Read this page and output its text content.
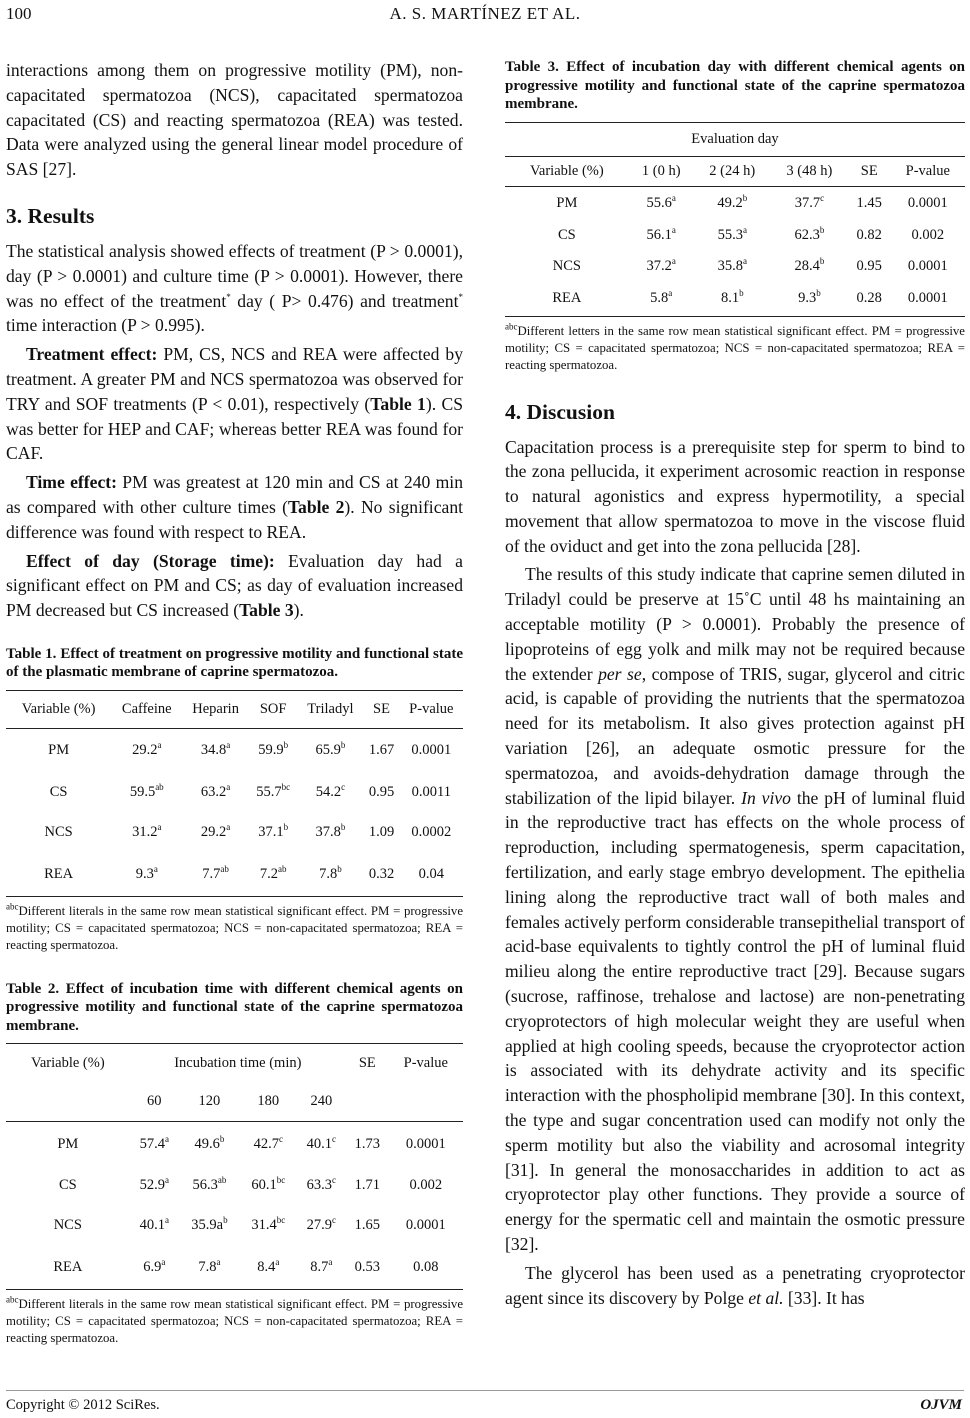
100	A. S. MARTÍNEZ ET AL.

interactions among them on progressive motility (PM), non-capacitated spermatozoa (NCS), capacitated spermatozoa capacitated (CS) and reacting spermatozoa (REA) was tested. Data were analyzed using the general linear model procedure of SAS [27].

3. Results

The statistical analysis showed effects of treatment (P > 0.0001), day (P > 0.0001) and culture time (P > 0.0001). However, there was no effect of the treatment* day ( P> 0.476) and treatment* time interaction (P > 0.995).

Treatment effect: PM, CS, NCS and REA were affected by treatment. A greater PM and NCS spermatozoa was observed for TRY and SOF treatments (P < 0.01), respectively (Table 1). CS was better for HEP and CAF; whereas better REA was found for CAF.

Time effect: PM was greatest at 120 min and CS at 240 min as compared with other culture times (Table 2). No significant difference was found with respect to REA.

Effect of day (Storage time): Evaluation day had a significant effect on PM and CS; as day of evaluation increased PM decreased but CS increased (Table 3).

Table 1. Effect of treatment on progressive motility and functional state of the plasmatic membrane of caprine spermatozoa.
Variable (%)	Caffeine	Heparin	SOF	Triladyl	SE	P-value
PM	29.2$^a$	34.8$^a$	59.9$^b$	65.9$^b$	1.67	0.0001
CS	59.5$^{ab}$	63.2$^a$	55.7$^{bc}$	54.2$^c$	0.95	0.0011
NCS	31.2$^a$	29.2$^a$	37.1$^b$	37.8$^b$	1.09	0.0002
REA	9.3$^a$	7.7$^{ab}$	7.2$^{ab}$	7.8$^b$	0.32	0.04
$^{abc}$Different literals in the same row mean statistical significant effect. PM = progressive motility; CS = capacitated spermatozoa; NCS = non-capacitated spermatozoa; REA = reacting spermatozoa.
Table 2. Effect of incubation time with different chemical agents on progressive motility and functional state of the caprine spermatozoa membrane.
Variable (%)	Incubation time (min)				SE	P-value
	60	120	180	240		
PM	57.4$^a$	49.6$^b$	42.7$^c$	40.1$^c$	1.73	0.0001
CS	52.9$^a$	56.3$^{ab}$	60.1$^{bc}$	63.3$^c$	1.71	0.002
NCS	40.1$^a$	$35.9a^b$	31.4$^{bc}$	27.9$^c$	1.65	0.0001
REA	6.9$^a$	7.8$^a$	8.4$^a$	8.7$^a$	0.53	0.08
$^{abc}$Different literals in the same row mean statistical significant effect. PM = progressive motility; CS = capacitated spermatozoa; NCS = non-capacitated spermatozoa; REA = reacting spermatozoa.
Table 3. Effect of incubation day with different chemical agents on progressive motility and functional state of the caprine spermatozoa membrane.
Evaluation day					
Variable (%)	1 (0 h)	2 (24 h)	3 (48 h)	SE	P-value
PM	55.6$^a$	49.2$^b$	37.7$^c$	1.45	0.0001
CS	56.1$^a$	55.3$^a$	62.3$^b$	0.82	0.002
NCS	37.2$^a$	35.8$^a$	28.4$^b$	0.95	0.0001
REA	5.8$^a$	8.1$^b$	9.3$^b$	0.28	0.0001
$^{abc}$Different letters in the same row mean statistical significant effect. PM = progressive motility; CS = capacitated spermatozoa; NCS = non-capacitated spermatozoa; REA = reacting spermatozoa.
4. Discusion

Capacitation process is a prerequisite step for sperm to bind to the zona pellucida, it experiment acrosomic reaction in response to natural agonistics and express hypermotility, a special movement that allow spermatozoa to move in the viscose fluid of the oviduct and get into the zona pellucida [28].

The results of this study indicate that caprine semen diluted in Triladyl could be preserve at 15˚C until 48 hs maintaining an acceptable motility (P > 0.0001). Probably the presence of lipoproteins of egg yolk and milk may not be required because the extender per se, compose of TRIS, sugar, glycerol and citric acid, is capable of providing the nutrients that the spermatozoa need for its metabolism. It also gives protection against pH variation [26], an adequate osmotic pressure for the spermatozoa, and avoids-dehydration damage through the stabilization of the lipid bilayer. In vivo the pH of luminal fluid in the reproductive tract has effects on the whole process of reproduction, including spermatogenesis, sperm capacitation, fertilization, and early stage embryo development. The epithelia lining along the reproductive tract wall of both males and females actively perform considerable transepithelial transport of acid-base equivalents to tightly control the pH of luminal fluid milieu along the entire reproductive tract [29]. Because sugars (sucrose, raffinose, trehalose and lactose) are non-penetrating cryoprotectors of high molecular weight they are useful when applied at high cooling speeds, because the cryoprotector action is associated with its dehydrate activity and its specific interaction with the phospholipid membrane [30]. In this context, the type and sugar concentration used can modify not only the sperm motility but also the viability and acrosomal integrity [31]. In general the monosaccharides in addition to act as cryoprotector play other functions. They provide a source of energy for the spermatic cell and maintain the osmotic pressure [32].

The glycerol has been used as a penetrating cryoprotector agent since its discovery by Polge et al. [33]. It has

Copyright © 2012 SciRes.	OJVM
